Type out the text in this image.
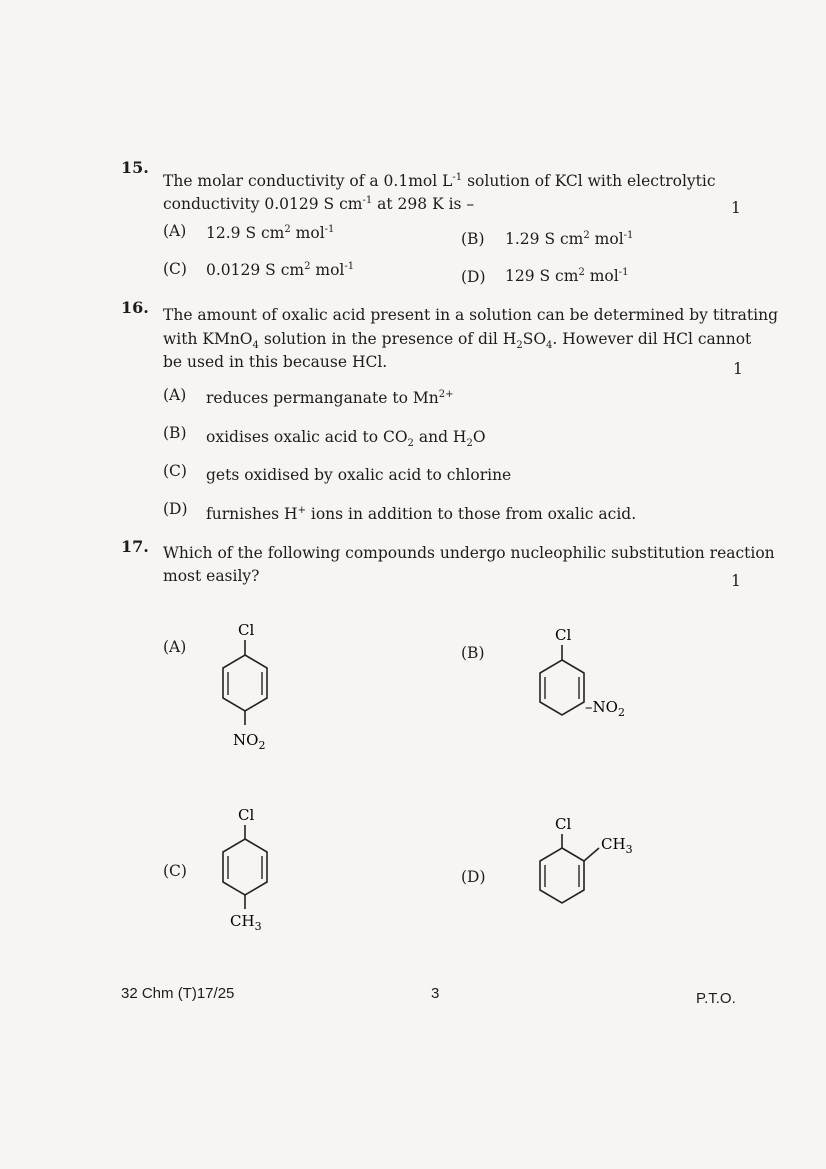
15.
The molar conductivity of a 0.1mol $L^{-1}$ solution of KCl with electrolytic
conductivity 0.0129 S $cm^{-1}$ at 298 K is –	1
(A) 12.9 S $cm^2$ mol$^{-1}$
(B) 1.29 S $cm^2$ mol$^{-1}$
(C) 0.0129 S $cm^2$ mol$^{-1}$
(D) 129 S $cm^2$ mol$^{-1}$
16. The amount of oxalic acid present in a solution can be determined by titrating
with KMnO$_4$ solution in the presence of dil $H_2SO_4$. However dil HCl cannot
be used in this because HCl.	1
(A) reduces permanganate to $Mn^{2+}$
(B) oxidises oxalic acid to $CO_2$ and $H_2O$
(C) gets oxidised by oxalic acid to chlorine
(D) furnishes H+ ions in addition to those from oxalic acid.
17. Which of the following compounds undergo nucleophilic substitution reaction
most easily?	1
(A)
Cl
$NO_2$
(B)
Cl
$-NO_2$
(C)
Cl
$CH_3$
(D)
Cl
$CH_3$
32 Chm (T)17/25	3	P.T.O.
